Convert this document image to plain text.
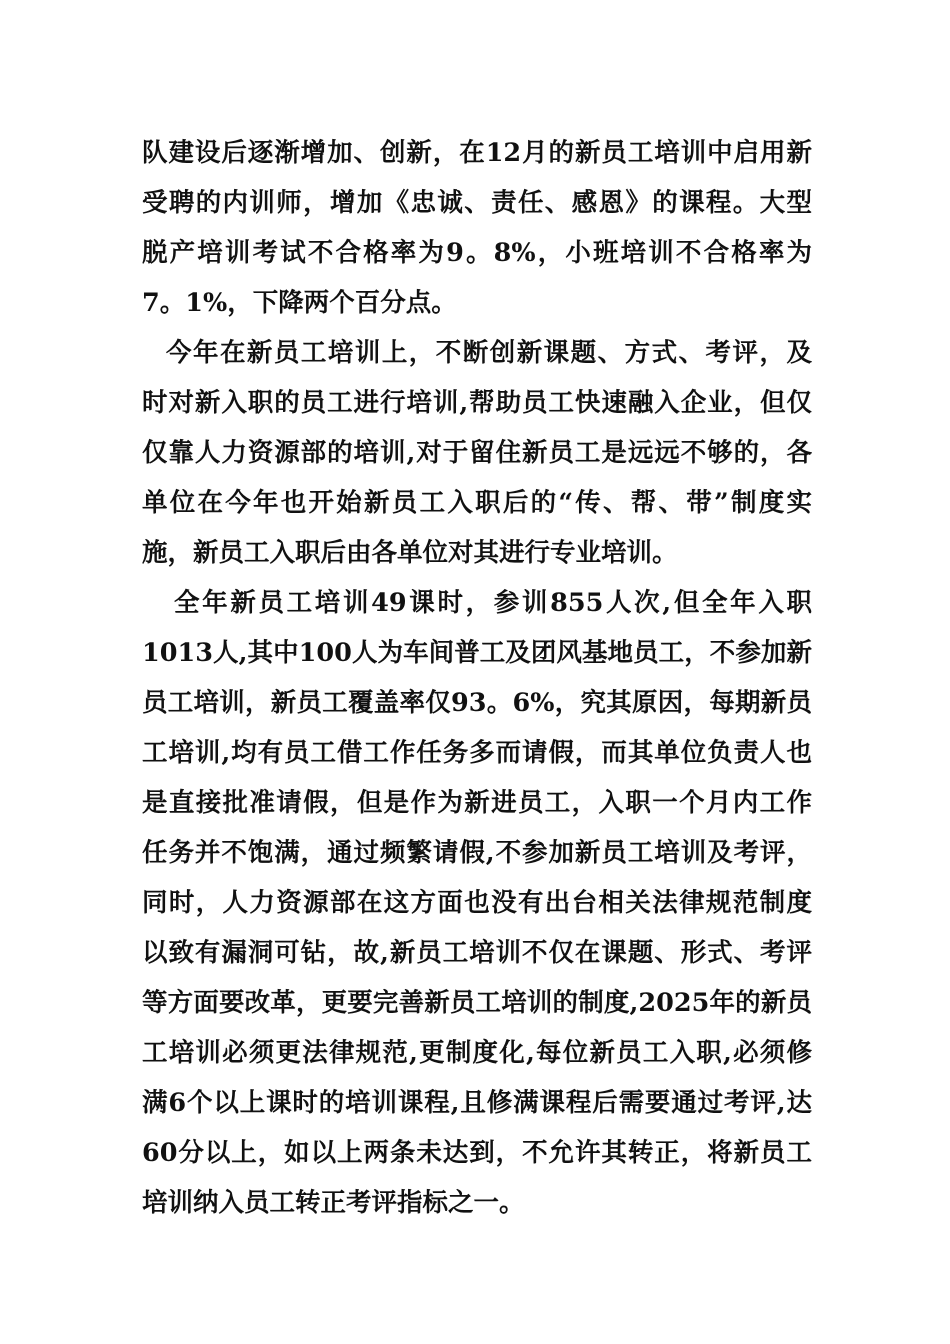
队建设后逐渐增加、创新，在12月的新员工培训中启用新
受聘的内训师，增加《忠诚、责任、感恩》的课程。大型
脱产培训考试不合格率为9。8%，小班培训不合格率为
7。1%，下降两个百分点。
今年在新员工培训上，不断创新课题、方式、考评，及
时对新入职的员工进行培训,帮助员工快速融入企业，但仅
仅靠人力资源部的培训,对于留住新员工是远远不够的，各
单位在今年也开始新员工入职后的“传、帮、带”制度实
施，新员工入职后由各单位对其进行专业培训。
全年新员工培训49课时，参训855人次,但全年入职
1013人,其中100人为车间普工及团风基地员工，不参加新
员工培训，新员工覆盖率仅93。6%，究其原因，每期新员
工培训,均有员工借工作任务多而请假，而其单位负责人也
是直接批准请假，但是作为新进员工，入职一个月内工作
任务并不饱满，通过频繁请假,不参加新员工培训及考评，
同时，人力资源部在这方面也没有出台相关法律规范制度
以致有漏洞可钻，故,新员工培训不仅在课题、形式、考评
等方面要改革，更要完善新员工培训的制度,2025年的新员
工培训必须更法律规范,更制度化,每位新员工入职,必须修
满6个以上课时的培训课程,且修满课程后需要通过考评,达
60分以上，如以上两条未达到，不允许其转正，将新员工
培训纳入员工转正考评指标之一。
